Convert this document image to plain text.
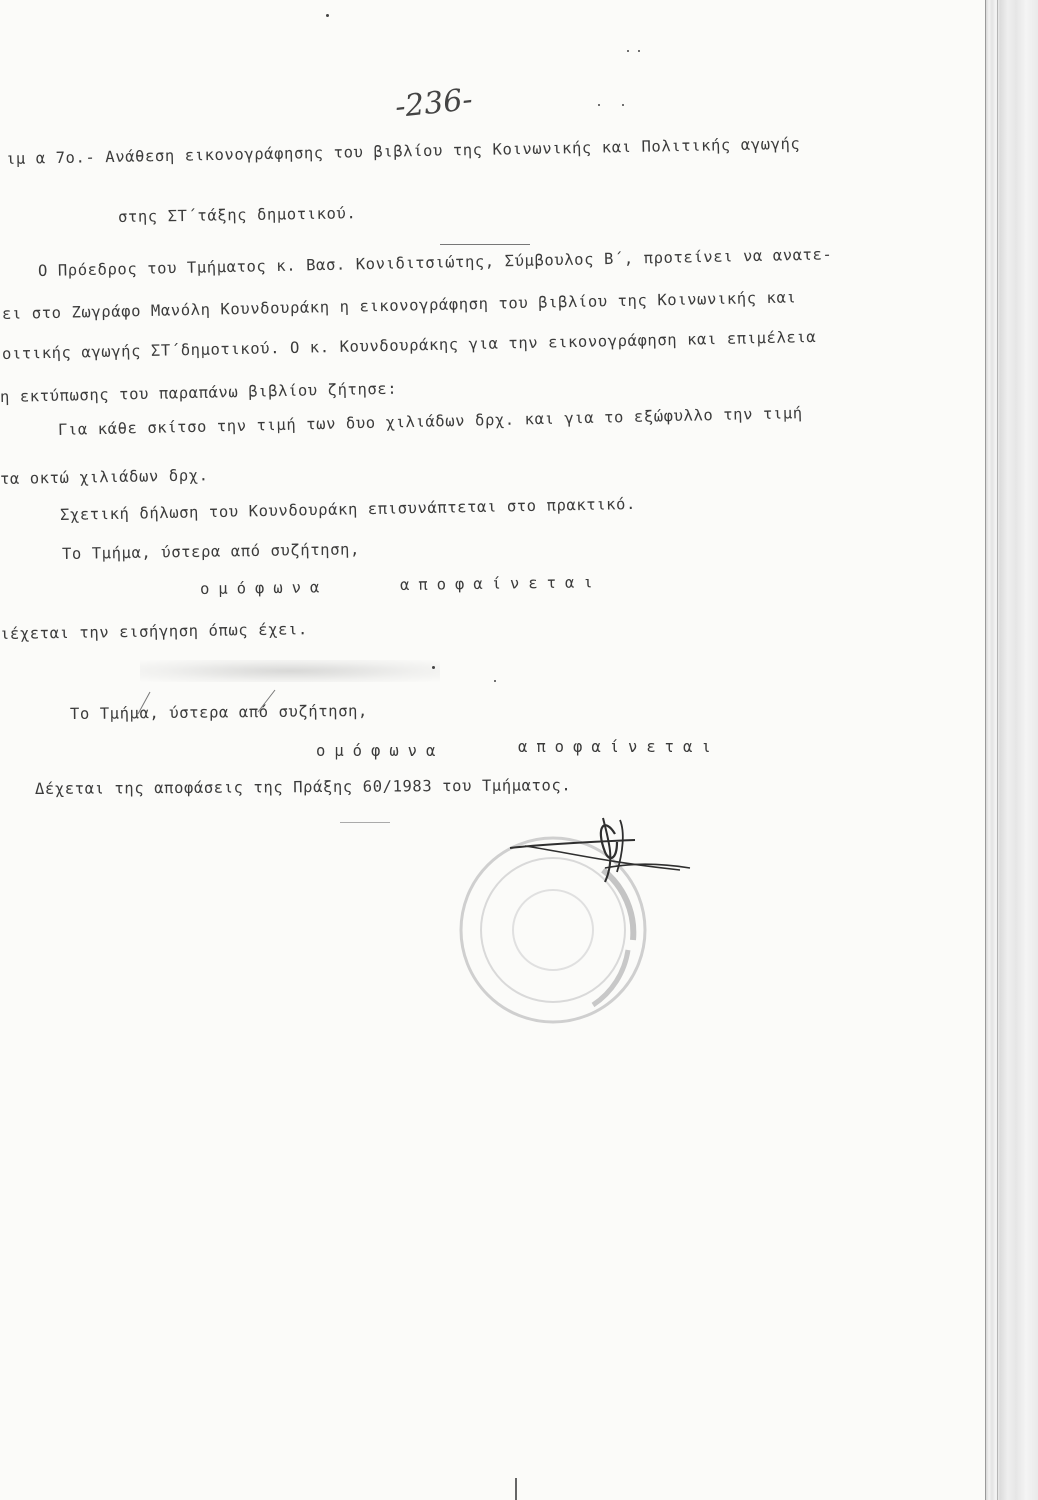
-236-
ιμ α 7ο.- Ανάθεση εικονογράφησης του βιβλίου της Κοινωνικής και Πολιτικής αγωγής
στης ΣΤ΄τάξης δημοτικού.
Ο Πρόεδρος του Τμήματος κ. Βασ. Κονιδιτσιώτης, Σύμβουλος Β΄, προτείνει να ανατε-
ει στο Ζωγράφο Μανόλη Κουνδουράκη η εικονογράφηση του βιβλίου της Κοινωνικής και
οιτικής αγωγής ΣΤ΄δημοτικού. Ο κ. Κουνδουράκης για την εικονογράφηση και επιμέλεια
η εκτύπωσης του παραπάνω βιβλίου ζήτησε:
Για κάθε σκίτσο την τιμή των δυο χιλιάδων δρχ. και για το εξώφυλλο την τιμή
τα οκτώ χιλιάδων δρχ.
Σχετική δήλωση του Κουνδουράκη επισυνάπτεται στο πρακτικό.
Το Τμήμα, ύστερα από συζήτηση,
ομόφωνα	αποφαίνεται
ιέχεται την εισήγηση όπως έχει.
Το Τμήμα, ύστερα από συζήτηση,
ομόφωνα	αποφαίνεται
Δέχεται της αποφάσεις της Πράξης 60/1983 του Τμήματος.
